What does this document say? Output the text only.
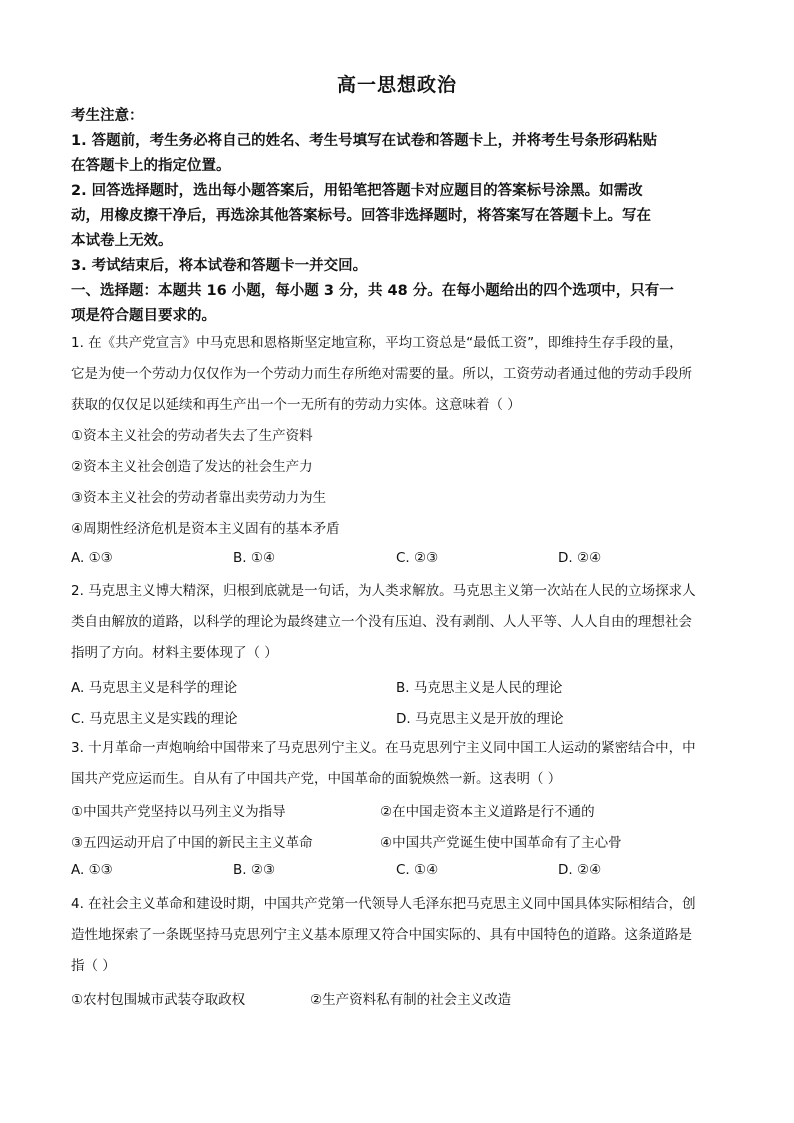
高一思想政治
考生注意：
1. 答题前，考生务必将自己的姓名、考生号填写在试卷和答题卡上，并将考生号条形码粘贴
在答题卡上的指定位置。
2. 回答选择题时，选出每小题答案后，用铅笔把答题卡对应题目的答案标号涂黑。如需改
动，用橡皮擦干净后，再选涂其他答案标号。回答非选择题时，将答案写在答题卡上。写在
本试卷上无效。
3. 考试结束后，将本试卷和答题卡一并交回。
一、选择题：本题共 16 小题，每小题 3 分，共 48 分。在每小题给出的四个选项中，只有一
项是符合题目要求的。
1. 在《共产党宣言》中马克思和恩格斯坚定地宣称，平均工资总是“最低工资”，即维持生存手段的量，
它是为使一个劳动力仅仅作为一个劳动力而生存所绝对需要的量。所以，工资劳动者通过他的劳动手段所
获取的仅仅足以延续和再生产出一个一无所有的劳动力实体。这意味着（ ）
①资本主义社会的劳动者失去了生产资料
②资本主义社会创造了发达的社会生产力
③资本主义社会的劳动者靠出卖劳动力为生
④周期性经济危机是资本主义固有的基本矛盾
A. ①③	B. ①④	C. ②③	D. ②④
2. 马克思主义博大精深，归根到底就是一句话，为人类求解放。马克思主义第一次站在人民的立场探求人
类自由解放的道路，以科学的理论为最终建立一个没有压迫、没有剥削、人人平等、人人自由的理想社会
指明了方向。材料主要体现了（ ）
A. 马克思主义是科学的理论	B. 马克思主义是人民的理论
C. 马克思主义是实践的理论	D. 马克思主义是开放的理论
3. 十月革命一声炮响给中国带来了马克思列宁主义。在马克思列宁主义同中国工人运动的紧密结合中，中
国共产党应运而生。自从有了中国共产党，中国革命的面貌焕然一新。这表明（ ）
①中国共产党坚持以马列主义为指导	②在中国走资本主义道路是行不通的
③五四运动开启了中国的新民主主义革命	④中国共产党诞生使中国革命有了主心骨
A. ①③	B. ②③	C. ①④	D. ②④
4. 在社会主义革命和建设时期，中国共产党第一代领导人毛泽东把马克思主义同中国具体实际相结合，创
造性地探索了一条既坚持马克思列宁主义基本原理又符合中国实际的、具有中国特色的道路。这条道路是
指（ ）
①农村包围城市武装夺取政权	②生产资料私有制的社会主义改造
